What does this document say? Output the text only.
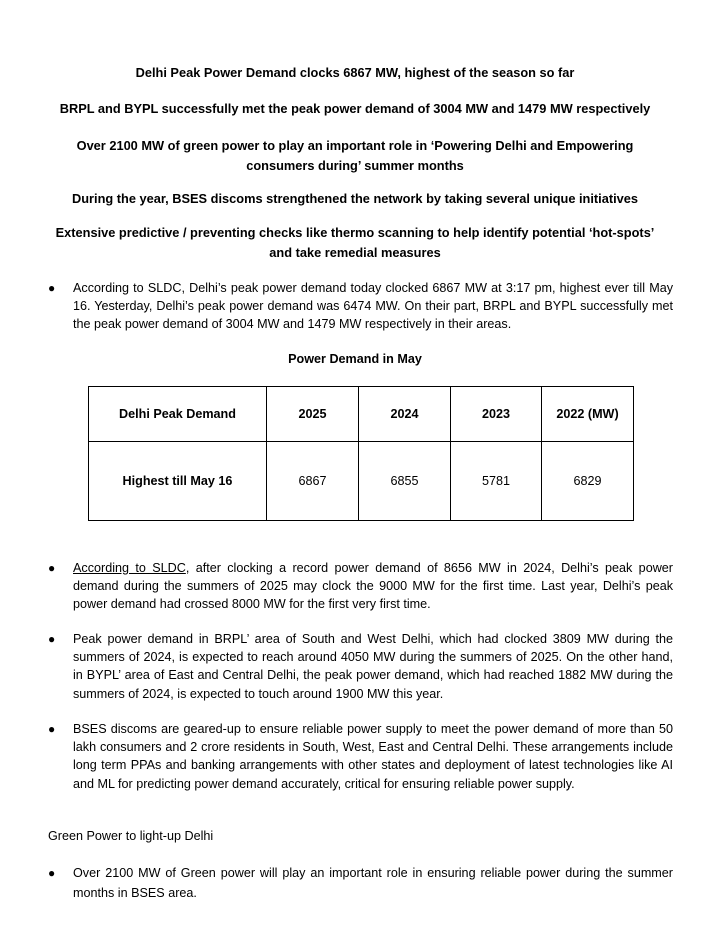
Delhi Peak Power Demand clocks 6867 MW, highest of the season so far
BRPL and BYPL successfully met the peak power demand of 3004 MW and 1479 MW respectively
Over 2100 MW of green power to play an important role in ‘Powering Delhi and Empowering consumers during’ summer months
During the year, BSES discoms strengthened the network by taking several unique initiatives
Extensive predictive / preventing checks like thermo scanning to help identify potential ‘hot-spots’ and take remedial measures
●	According to SLDC, Delhi’s peak power demand today clocked 6867 MW at 3:17 pm, highest ever till May 16. Yesterday, Delhi’s peak power demand was 6474 MW. On their part, BRPL and BYPL successfully met the peak power demand of 3004 MW and 1479 MW respectively in their areas.
Power Demand in May
Delhi Peak Demand	2025	2024	2023	2022 (MW)
Highest till May 16	6867	6855	5781	6829
●	According to SLDC, after clocking a record power demand of 8656 MW in 2024, Delhi’s peak power demand during the summers of 2025 may clock the 9000 MW for the first time. Last year, Delhi’s peak power demand had crossed 8000 MW for the first very first time.
●	Peak power demand in BRPL’ area of South and West Delhi, which had clocked 3809 MW during the summers of 2024, is expected to reach around 4050 MW during the summers of 2025. On the other hand, in BYPL’ area of East and Central Delhi, the peak power demand, which had reached 1882 MW during the summers of 2024, is expected to touch around 1900 MW this year.
●	BSES discoms are geared-up to ensure reliable power supply to meet the power demand of more than 50 lakh consumers and 2 crore residents in South, West, East and Central Delhi. These arrangements include long term PPAs and banking arrangements with other states and deployment of latest technologies like AI and ML for predicting power demand accurately, critical for ensuring reliable power supply.
Green Power to light-up Delhi
●	Over 2100 MW of Green power will play an important role in ensuring reliable power during the summer months in BSES area.
